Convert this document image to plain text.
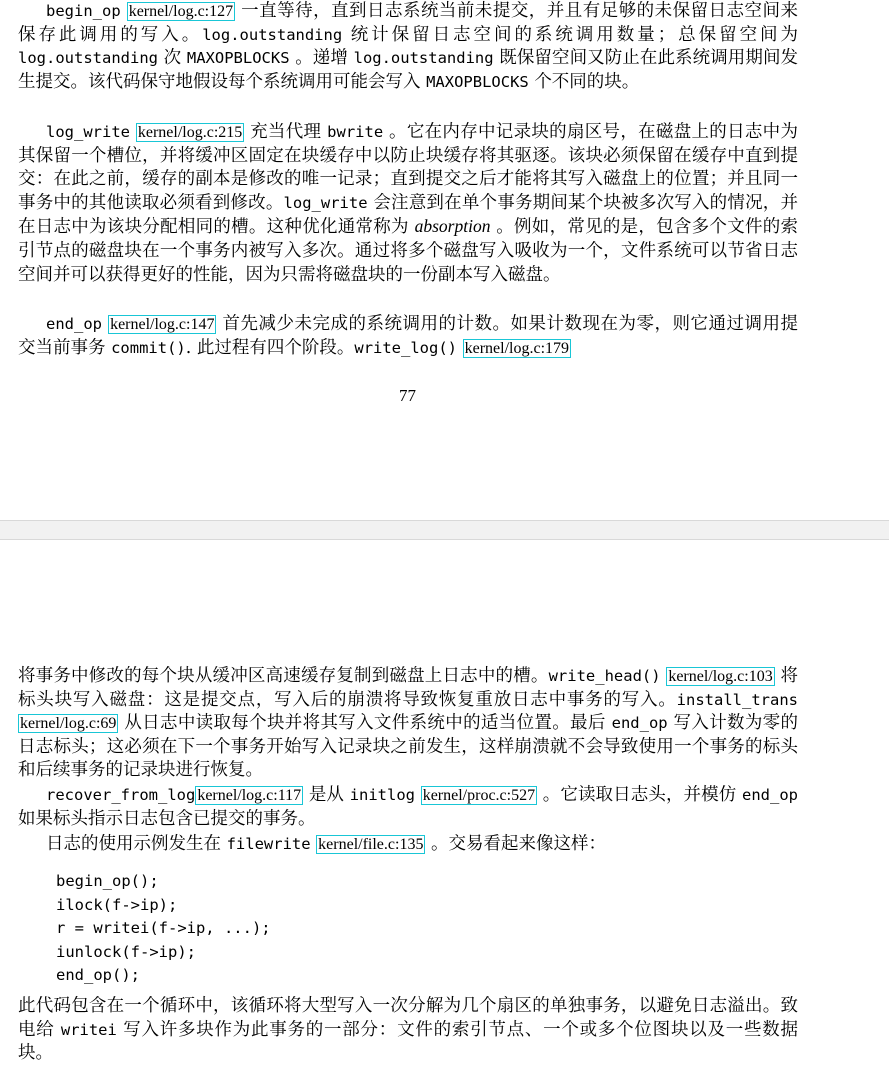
begin_op kernel/log.c:127 一直等待，直到日志系统当前未提交，并且有足够的未保留日志空间来保存此调用的写入。log.outstanding 统计保留日志空间的系统调用数量；总保留空间为log.outstanding 次 MAXOPBLOCKS 。递增 log.outstanding 既保留空间又防止在此系统调用期间发生提交。该代码保守地假设每个系统调用可能会写入 MAXOPBLOCKS 个不同的块。

log_write kernel/log.c:215 充当代理 bwrite 。它在内存中记录块的扇区号，在磁盘上的日志中为其保留一个槽位，并将缓冲区固定在块缓存中以防止块缓存将其驱逐。该块必须保留在缓存中直到提交：在此之前，缓存的副本是修改的唯一记录；直到提交之后才能将其写入磁盘上的位置；并且同一事务中的其他读取必须看到修改。log_write 会注意到在单个事务期间某个块被多次写入的情况，并在日志中为该块分配相同的槽。这种优化通常称为 absorption 。例如，常见的是，包含多个文件的索引节点的磁盘块在一个事务内被写入多次。通过将多个磁盘写入吸收为一个，文件系统可以节省日志空间并可以获得更好的性能，因为只需将磁盘块的一份副本写入磁盘。

end_op kernel/log.c:147 首先减少未完成的系统调用的计数。如果计数现在为零，则它通过调用提交当前事务 commit(). 此过程有四个阶段。write_log() kernel/log.c:179

77

将事务中修改的每个块从缓冲区高速缓存复制到磁盘上日志中的槽。write_head() kernel/log.c:103 将标头块写入磁盘：这是提交点，写入后的崩溃将导致恢复重放日志中事务的写入。install_trans kernel/log.c:69 从日志中读取每个块并将其写入文件系统中的适当位置。最后 end_op 写入计数为零的日志标头；这必须在下一个事务开始写入记录块之前发生，这样崩溃就不会导致使用一个事务的标头和后续事务的记录块进行恢复。

recover_from_log kernel/log.c:117 是从 initlog kernel/proc.c:527 。它读取日志头，并模仿 end_op 如果标头指示日志包含已提交的事务。

日志的使用示例发生在 filewrite kernel/file.c:135 。交易看起来像这样：

begin_op();
ilock(f->ip);
r = writei(f->ip, ...);
iunlock(f->ip);
end_op();

此代码包含在一个循环中，该循环将大型写入一次分解为几个扇区的单独事务，以避免日志溢出。致电给 writei 写入许多块作为此事务的一部分：文件的索引节点、一个或多个位图块以及一些数据块。
